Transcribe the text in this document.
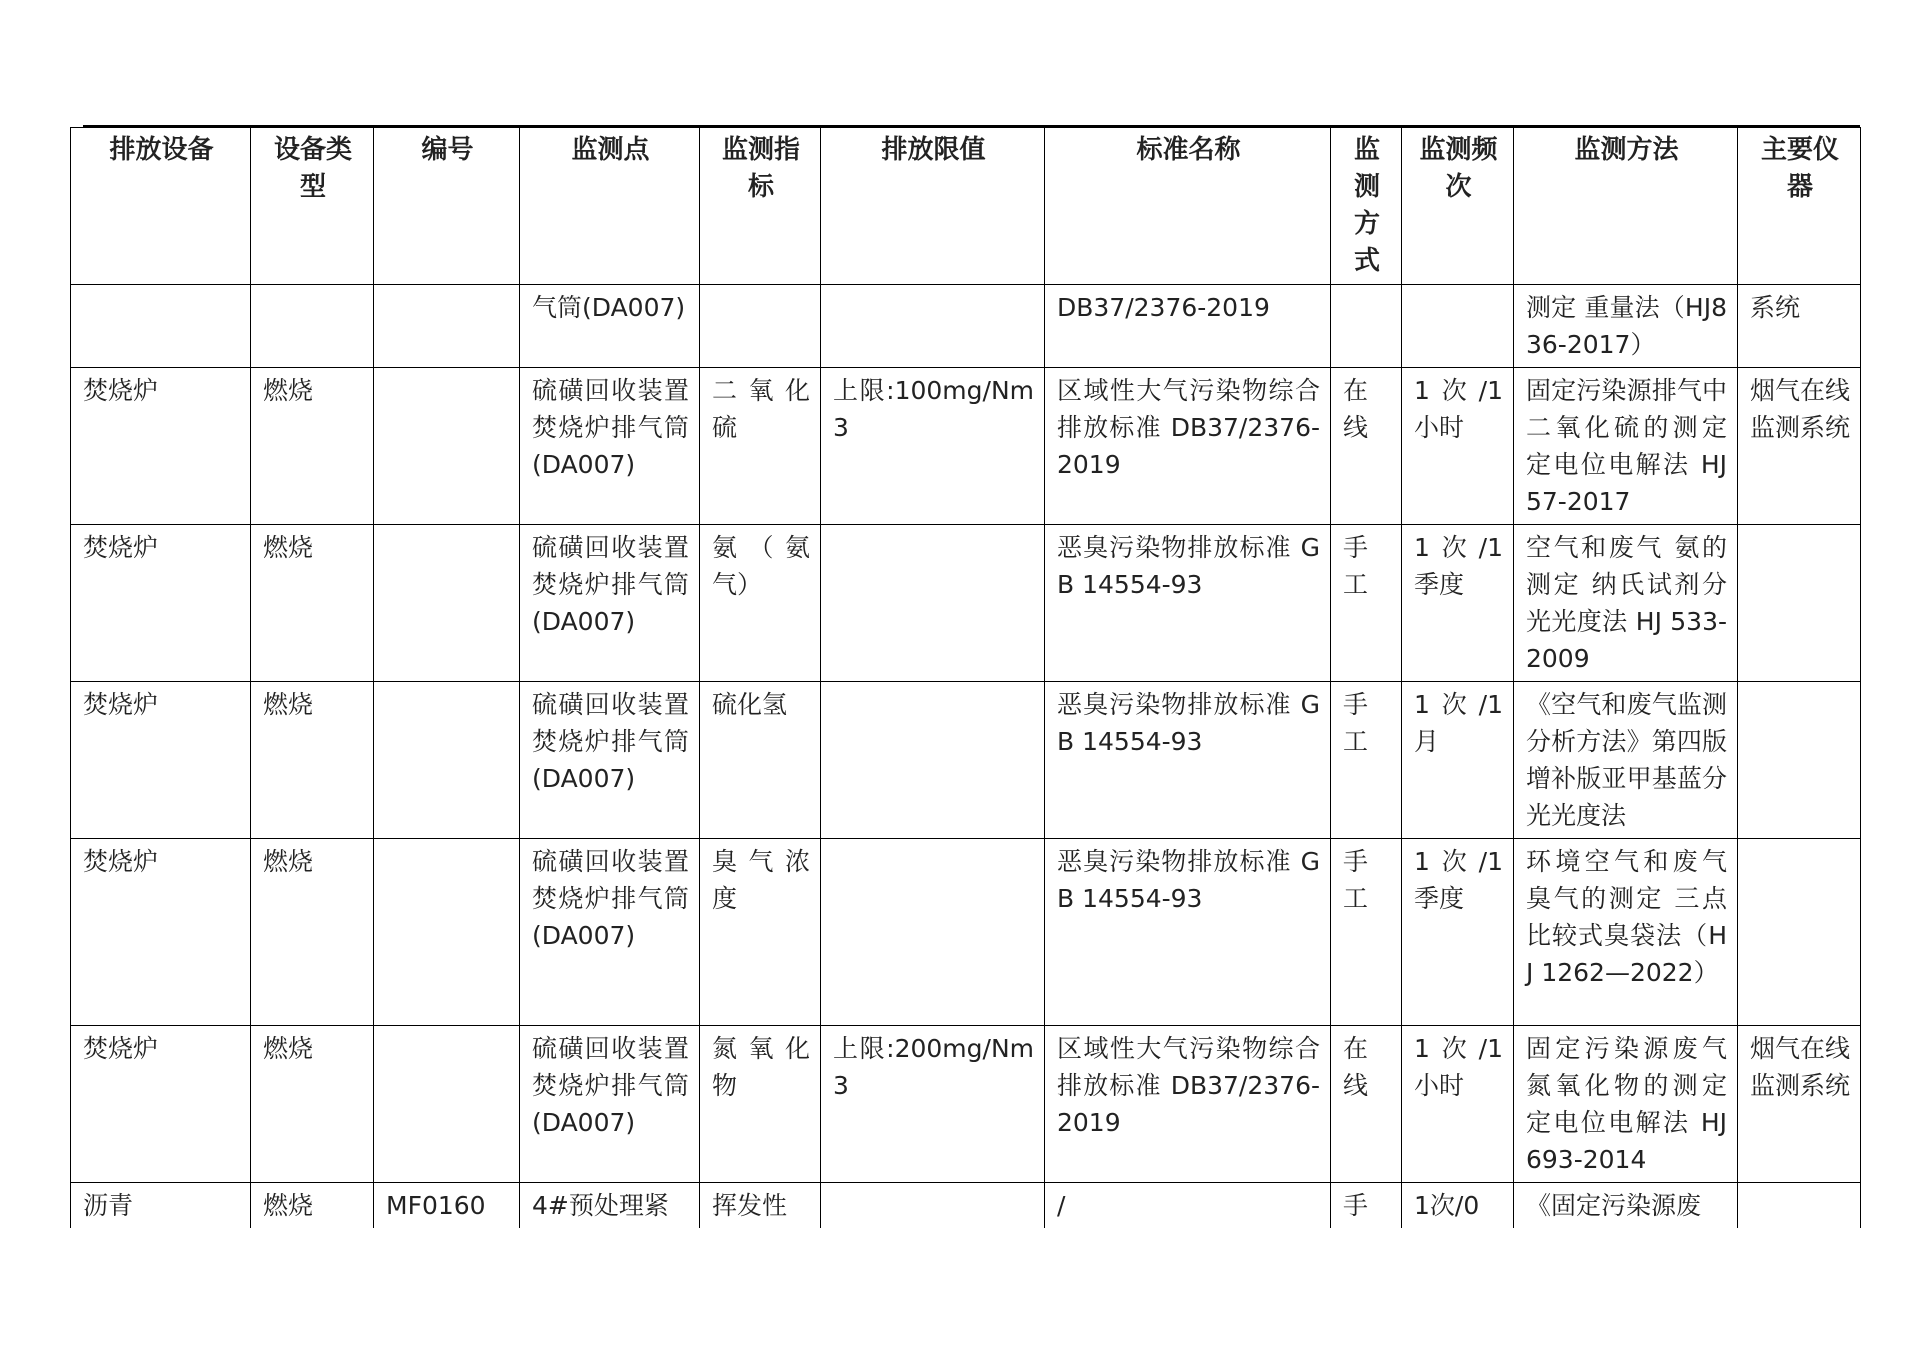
排放设备	设备类型	编号	监测点	监测指标	排放限值	标准名称	监测方式	监测频次	监测方法	主要仪器
			气筒(DA007)			DB37/2376-2019			测定 重量法（HJ836-2017）	系统
焚烧炉	燃烧		硫磺回收装置焚烧炉排气筒(DA007)	二氧化硫	上限:100mg/Nm3	区域性大气污染物综合排放标准 DB37/2376-2019	在线	1次/1小时	固定污染源排气中二氧化硫的测定 定电位电解法 HJ 57-2017	烟气在线监测系统
焚烧炉	燃烧		硫磺回收装置焚烧炉排气筒(DA007)	氨（氨气）		恶臭污染物排放标准 GB 14554-93	手工	1次/1季度	空气和废气 氨的测定 纳氏试剂分光光度法 HJ 533-2009	
焚烧炉	燃烧		硫磺回收装置焚烧炉排气筒(DA007)	硫化氢		恶臭污染物排放标准 GB 14554-93	手工	1次/1月	《空气和废气监测分析方法》第四版增补版亚甲基蓝分光光度法	
焚烧炉	燃烧		硫磺回收装置焚烧炉排气筒(DA007)	臭气浓度		恶臭污染物排放标准 GB 14554-93	手工	1次/1季度	环境空气和废气 臭气的测定 三点比较式臭袋法（HJ 1262—2022）	
焚烧炉	燃烧		硫磺回收装置焚烧炉排气筒(DA007)	氮氧化物	上限:200mg/Nm3	区域性大气污染物综合排放标准 DB37/2376-2019	在线	1次/1小时	固定污染源废气 氮氧化物的测定 定电位电解法 HJ 693-2014	烟气在线监测系统
沥青	燃烧	MF0160	4#预处理紧	挥发性		/	手	1次/0	《固定污染源废	
